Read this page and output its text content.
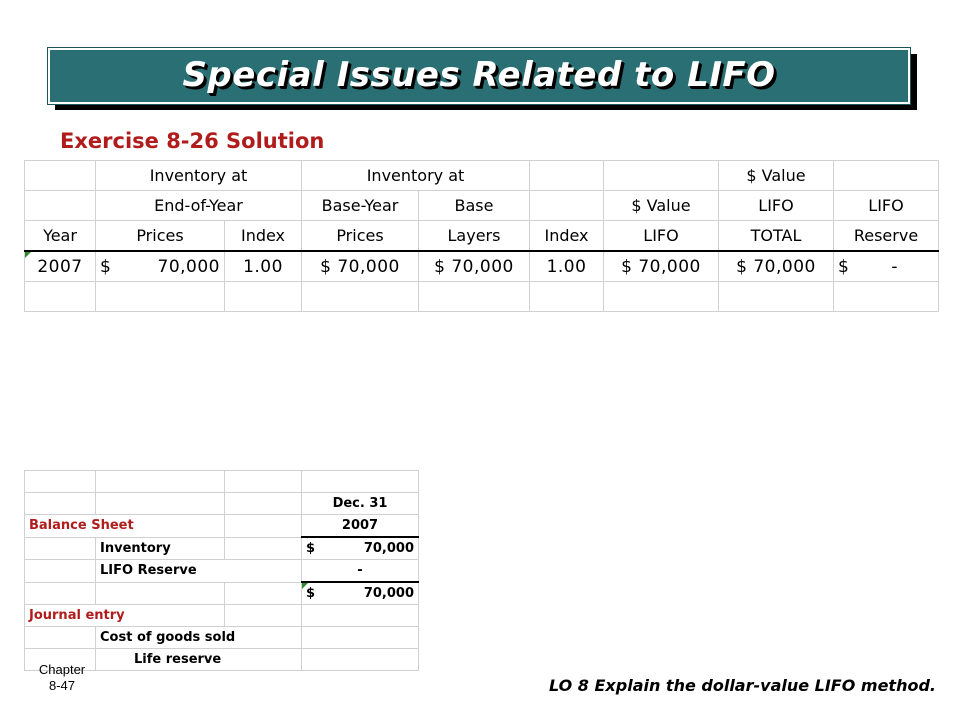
Special Issues Related to LIFO
Exercise 8-26 Solution
	Inventory at		Inventory at				$ Value	
	End-of-Year		Base-Year	Base		$ Value	LIFO	LIFO
Year	Prices	Index	Prices	Layers	Index	LIFO	TOTAL	Reserve
2007	$ 70,000	1.00	$ 70,000	$ 70,000	1.00	$ 70,000	$ 70,000	$ -

			Dec. 31
Balance Sheet			2007
	Inventory		$ 70,000

	LIFO Reserve		-

			$ 70,000

Journal entry			
	Cost of goods sold		
	Life reserve		
Chapter
8-47	LO 8 Explain the dollar-value LIFO method.
